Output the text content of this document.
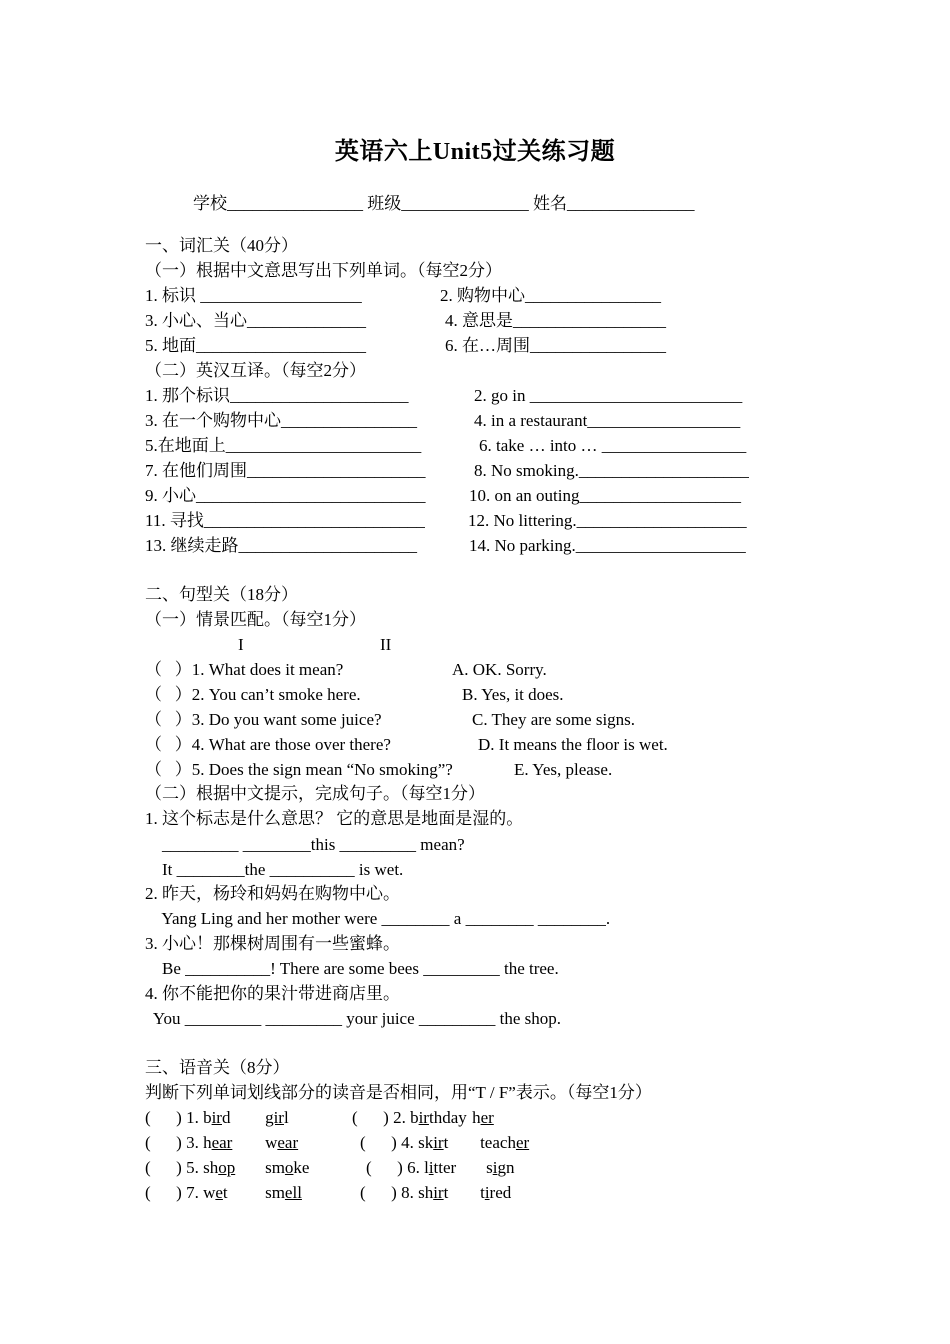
英语六上Unit5过关练习题
学校________________ 班级_______________ 姓名_______________
一、词汇关（40分）
（一）根据中文意思写出下列单词。（每空2分）
1. 标识 ___________________	2. 购物中心________________
3. 小心、当心______________	4. 意思是__________________
5. 地面____________________	6. 在…周围________________
（二）英汉互译。（每空2分）
1. 那个标识_____________________	2. go in _________________________
3. 在一个购物中心________________	4. in a restaurant__________________
5.在地面上_______________________	6. take … into … _________________
7. 在他们周围_____________________	8. No smoking.____________________
9. 小心___________________________	10. on an outing___________________
11. 寻找__________________________	12. No littering.____________________
13. 继续走路_____________________	14. No parking.____________________
二、句型关（18分）
（一）情景匹配。（每空1分）
I	II
（   ）1. What does it mean?	A. OK. Sorry.
（   ）2. You can’t smoke here.	B. Yes, it does.
（   ）3. Do you want some juice?	C. They are some signs.
（   ）4. What are those over there?	D. It means the floor is wet.
（   ）5. Does the sign mean “No smoking”?	E. Yes, please.
（二）根据中文提示，完成句子。（每空1分）
1. 这个标志是什么意思？ 它的意思是地面是湿的。
_________ ________this _________ mean?
It ________the __________ is wet.
2. 昨天，杨玲和妈妈在购物中心。
Yang Ling and her mother were ________ a ________ ________.
3. 小心！那棵树周围有一些蜜蜂。
Be __________! There are some bees _________ the tree.
4. 你不能把你的果汁带进商店里。
You _________ _________ your juice _________ the shop.
三、语音关（8分）
判断下列单词划线部分的读音是否相同，用“T / F”表示。（每空1分）
(      ) 1. bird girl	(      ) 2. birthday her
(      ) 3. hear wear	(      ) 4. skirt teacher
(      ) 5. shop smoke	(      ) 6. litter sign
(      ) 7. wet smell	(      ) 8. shirt tired
